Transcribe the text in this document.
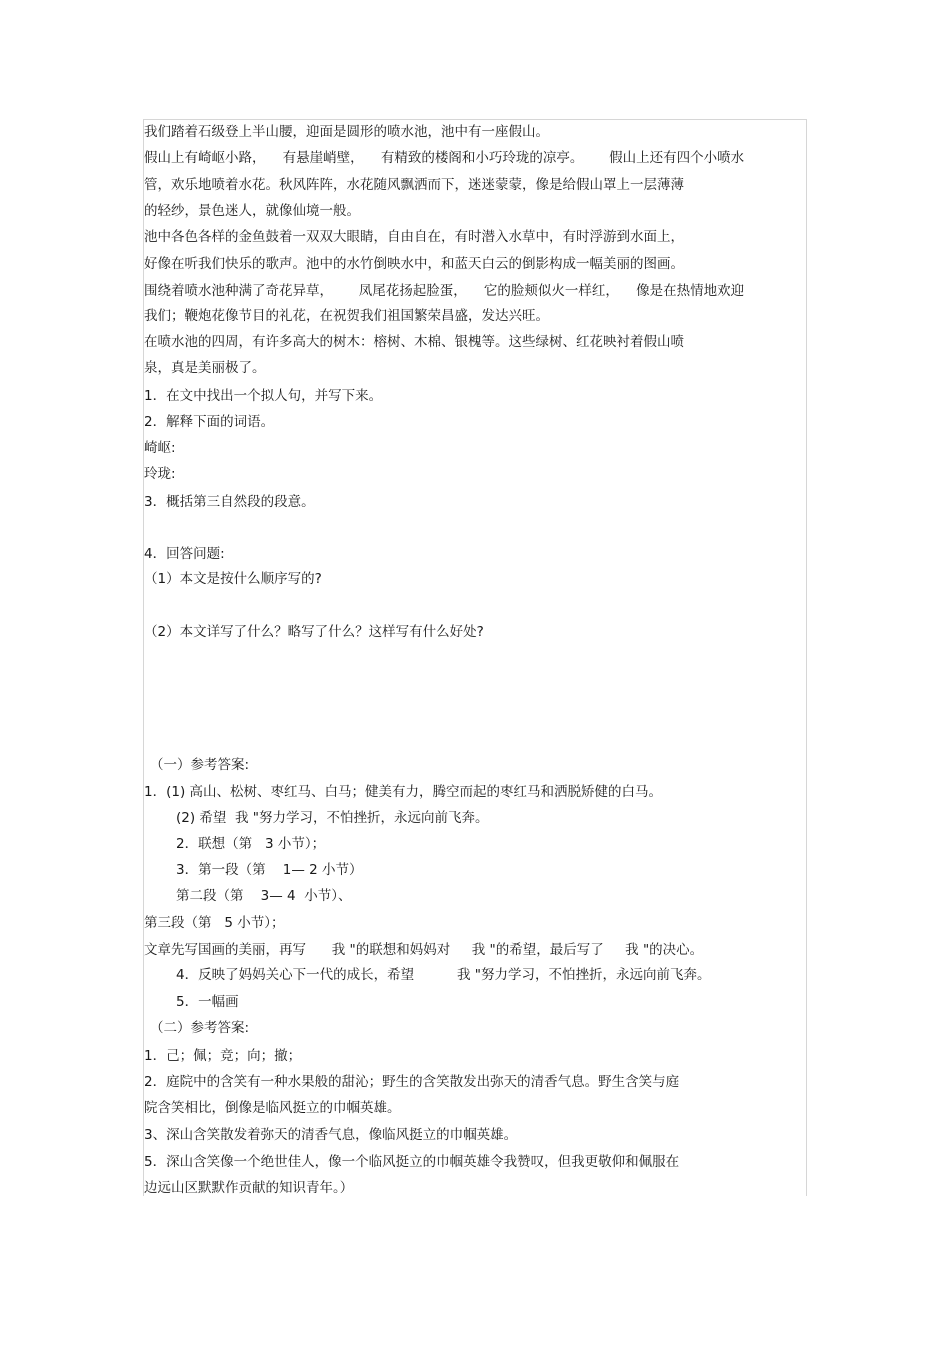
我们踏着石级登上半山腰，迎面是圆形的喷水池，池中有一座假山。

假山上有崎岖小路，    有悬崖峭壁，    有精致的楼阁和小巧玲珑的凉亭。      假山上还有四个小喷水

管，欢乐地喷着水花。秋风阵阵，水花随风飘洒而下，迷迷蒙蒙，像是给假山罩上一层薄薄

的轻纱，景色迷人，就像仙境一般。

池中各色各样的金鱼鼓着一双双大眼睛，自由自在，有时潜入水草中，有时浮游到水面上，

好像在听我们快乐的歌声。池中的水竹倒映水中，和蓝天白云的倒影构成一幅美丽的图画。

围绕着喷水池种满了奇花异草，      凤尾花扬起脸蛋，    它的脸颊似火一样红，    像是在热情地欢迎

我们；鞭炮花像节目的礼花，在祝贺我们祖国繁荣昌盛，发达兴旺。

在喷水池的四周，有许多高大的树木：榕树、木棉、银槐等。这些绿树、红花映衬着假山喷

泉，真是美丽极了。

1．在文中找出一个拟人句，并写下来。

2．解释下面的词语。

崎岖:

玲珑:

3．概括第三自然段的段意。

4．回答问题:

（1）本文是按什么顺序写的?

（2）本文详写了什么？略写了什么？这样写有什么好处?

（一）参考答案:

1．(1) 高山、松树、枣红马、白马；健美有力，腾空而起的枣红马和洒脱矫健的白马。

(2) 希望  我 "努力学习，不怕挫折，永远向前飞奔。

2．联想（第   3 小节）；

3．第一段（第    1— 2 小节）

第二段（第    3— 4  小节）、

第三段（第   5 小节）；

文章先写国画的美丽，再写      我 "的联想和妈妈对     我 "的希望，最后写了     我 "的决心。

4．反映了妈妈关心下一代的成长，希望          我 "努力学习，不怕挫折，永远向前飞奔。

5．一幅画

（二）参考答案:

1．己；佩；竞；向；撤；

2．庭院中的含笑有一种水果般的甜沁；野生的含笑散发出弥天的清香气息。野生含笑与庭

院含笑相比，倒像是临风挺立的巾帼英雄。

3、深山含笑散发着弥天的清香气息，像临风挺立的巾帼英雄。

5．深山含笑像一个绝世佳人，像一个临风挺立的巾帼英雄令我赞叹，但我更敬仰和佩服在

边远山区默默作贡献的知识青年。）
